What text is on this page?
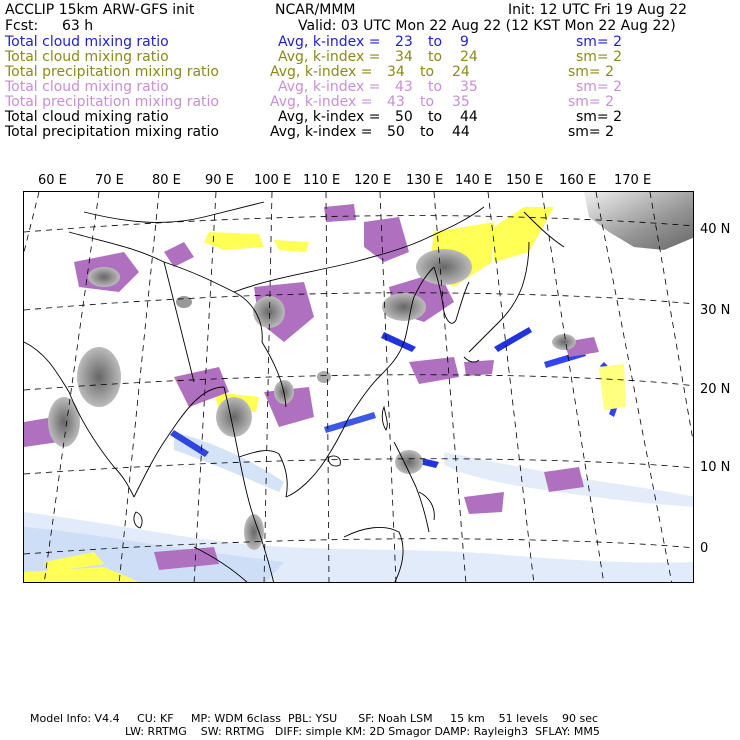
ACCLIP 15km ARW-GFS init	NCAR/MMM	Init: 12 UTC Fri 19 Aug 22
Fcst: 63 h	Valid: 03 UTC Mon 22 Aug 22 (12 KST Mon 22 Aug 22)
Total cloud mixing ratio	Avg, k-index = 23 to 9	sm= 2
Total cloud mixing ratio	Avg, k-index = 34 to 24	sm= 2
Total precipitation mixing ratio	Avg, k-index = 34 to 24	sm= 2
Total cloud mixing ratio	Avg, k-index = 43 to 35	sm= 2
Total precipitation mixing ratio	Avg, k-index = 43 to 35	sm= 2
Total cloud mixing ratio	Avg, k-index = 50 to 44	sm= 2
Total precipitation mixing ratio	Avg, k-index = 50 to 44	sm= 2
60 E 70 E 80 E 90 E 100 E 110 E 120 E 130 E 140 E 150 E 160 E 170 E
40 N
30 N
20 N
10 N
0
Model Info: V4.4     CU: KF     MP: WDM 6class  PBL: YSU      SF: Noah LSM     15 km    51 levels    90 sec
LW: RRTMG    SW: RRTMG   DIFF: simple KM: 2D Smagor DAMP: Rayleigh3  SFLAY: MM5
